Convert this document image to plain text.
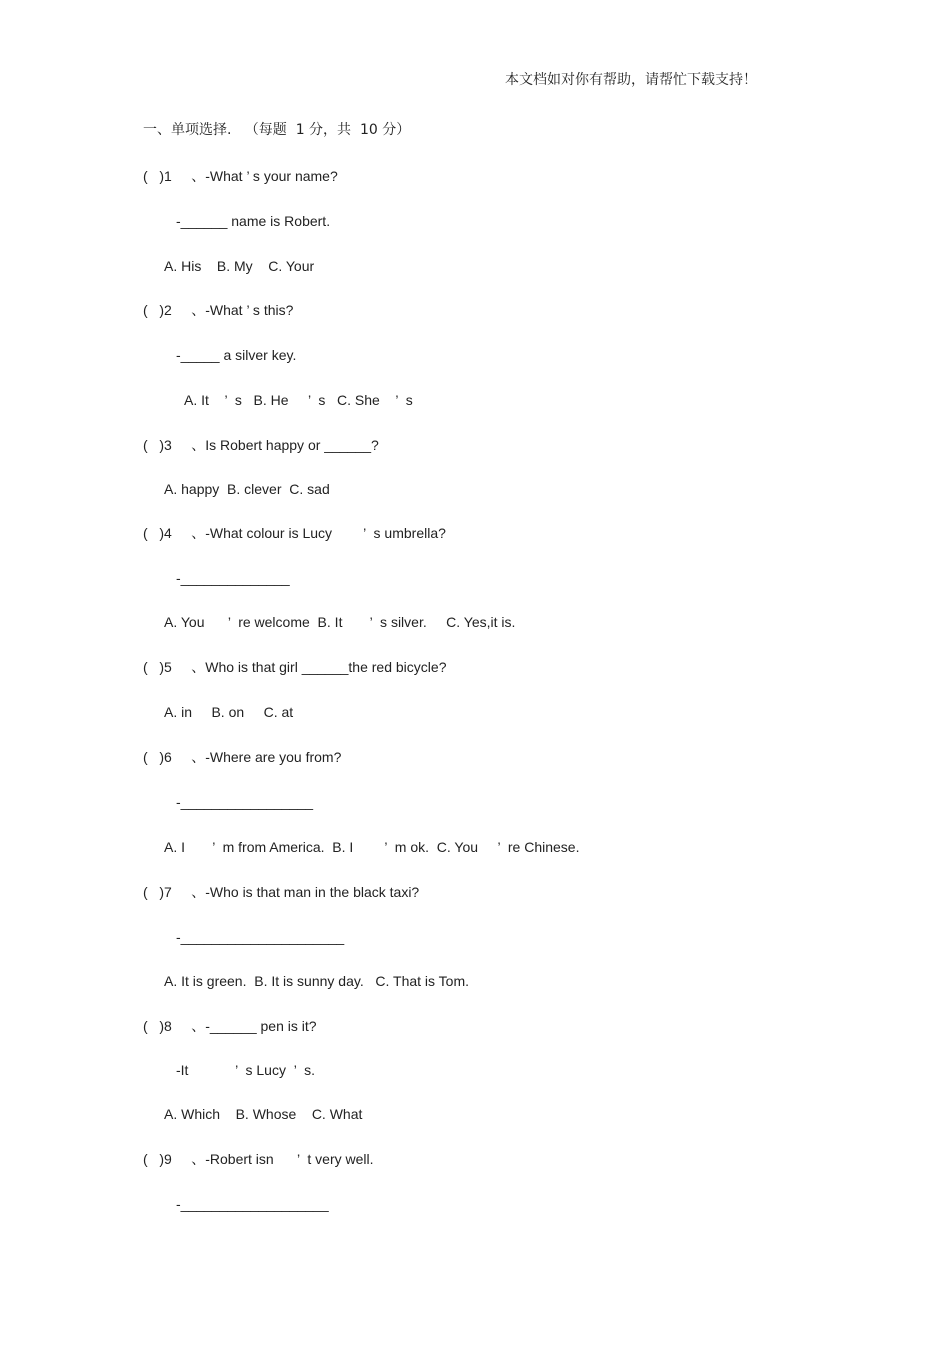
本文档如对你有帮助，请帮忙下载支持！
一、单项选择.   （每题  1 分，共  10 分）
(   )1     、-What ’ s your name?
-______ name is Robert.
A. His    B. My    C. Your
(   )2     、-What ’ s this?
-_____ a silver key.
A. It    ’  s   B. He     ’  s   C. She    ’  s
(   )3     、Is Robert happy or ______?
A. happy  B. clever  C. sad
(   )4     、-What colour is Lucy        ’  s umbrella?
-______________
A. You      ’  re welcome  B. It       ’  s silver.     C. Yes,it is.
(   )5     、Who is that girl ______the red bicycle?
A. in     B. on     C. at
(   )6     、-Where are you from?
-_________________
A. I       ’  m from America.  B. I        ’  m ok.  C. You     ’  re Chinese.
(   )7     、-Who is that man in the black taxi?
-_____________________
A. It is green.  B. It is sunny day.   C. That is Tom.
(   )8     、-______ pen is it?
-It            ’  s Lucy  ’  s.
A. Which    B. Whose    C. What
(   )9     、-Robert isn      ’  t very well.
-___________________
